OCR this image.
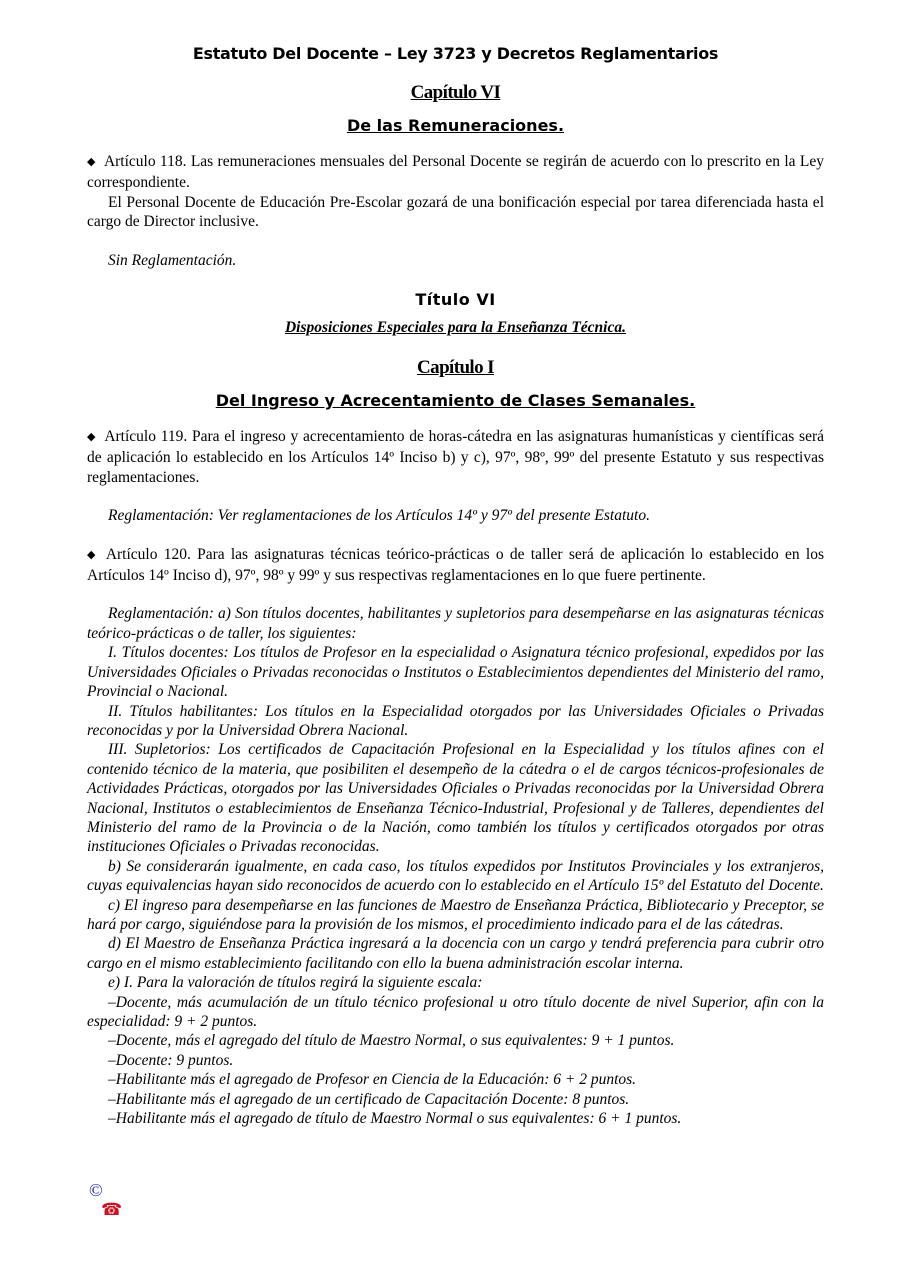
Estatuto Del Docente – Ley 3723 y Decretos Reglamentarios
Capítulo VI
De las Remuneraciones.

◆ Artículo 118. Las remuneraciones mensuales del Personal Docente se regirán de acuerdo con lo prescrito en la Ley correspondiente.

El Personal Docente de Educación Pre-Escolar gozará de una bonificación especial por tarea diferenciada hasta el cargo de Director inclusive.

Sin Reglamentación.

Título VI
Disposiciones Especiales para la Enseñanza Técnica.
Capítulo I
Del Ingreso y Acrecentamiento de Clases Semanales.

◆ Artículo 119. Para el ingreso y acrecentamiento de horas-cátedra en las asignaturas humanísticas y científicas será de aplicación lo establecido en los Artículos 14º Inciso b) y c), 97º, 98º, 99º del presente Estatuto y sus respectivas reglamentaciones.

Reglamentación: Ver reglamentaciones de los Artículos 14º y 97º del presente Estatuto.

◆ Artículo 120. Para las asignaturas técnicas teórico-prácticas o de taller será de aplicación lo establecido en los Artículos 14º Inciso d), 97º, 98º y 99º y sus respectivas reglamentaciones en lo que fuere pertinente.

Reglamentación: a) Son títulos docentes, habilitantes y supletorios para desempeñarse en las asignaturas técnicas teórico-prácticas o de taller, los siguientes:

I. Títulos docentes: Los títulos de Profesor en la especialidad o Asignatura técnico profesional, expedidos por las Universidades Oficiales o Privadas reconocidas o Institutos o Establecimientos dependientes del Ministerio del ramo, Provincial o Nacional.

II. Títulos habilitantes: Los títulos en la Especialidad otorgados por las Universidades Oficiales o Privadas reconocidas y por la Universidad Obrera Nacional.

III. Supletorios: Los certificados de Capacitación Profesional en la Especialidad y los títulos afines con el contenido técnico de la materia, que posibiliten el desempeño de la cátedra o el de cargos técnicos-profesionales de Actividades Prácticas, otorgados por las Universidades Oficiales o Privadas reconocidas por la Universidad Obrera Nacional, Institutos o establecimientos de Enseñanza Técnico-Industrial, Profesional y de Talleres, dependientes del Ministerio del ramo de la Provincia o de la Nación, como también los títulos y certificados otorgados por otras instituciones Oficiales o Privadas reconocidas.

b) Se considerarán igualmente, en cada caso, los títulos expedidos por Institutos Provinciales y los extranjeros, cuyas equivalencias hayan sido reconocidos de acuerdo con lo establecido en el Artículo 15º del Estatuto del Docente.

c) El ingreso para desempeñarse en las funciones de Maestro de Enseñanza Práctica, Bibliotecario y Preceptor, se hará por cargo, siguiéndose para la provisión de los mismos, el procedimiento indicado para el de las cátedras.

d) El Maestro de Enseñanza Práctica ingresará a la docencia con un cargo y tendrá preferencia para cubrir otro cargo en el mismo establecimiento facilitando con ello la buena administración escolar interna.

e) I. Para la valoración de títulos regirá la siguiente escala:

–Docente, más acumulación de un título técnico profesional u otro título docente de nivel Superior, afin con la especialidad: 9 + 2 puntos.

–Docente, más el agregado del título de Maestro Normal, o sus equivalentes: 9 + 1 puntos.

–Docente: 9 puntos.

–Habilitante más el agregado de Profesor en Ciencia de la Educación: 6 + 2 puntos.

–Habilitante más el agregado de un certificado de Capacitación Docente: 8 puntos.

–Habilitante más el agregado de título de Maestro Normal o sus equivalentes: 6 + 1 puntos.

©
☎
